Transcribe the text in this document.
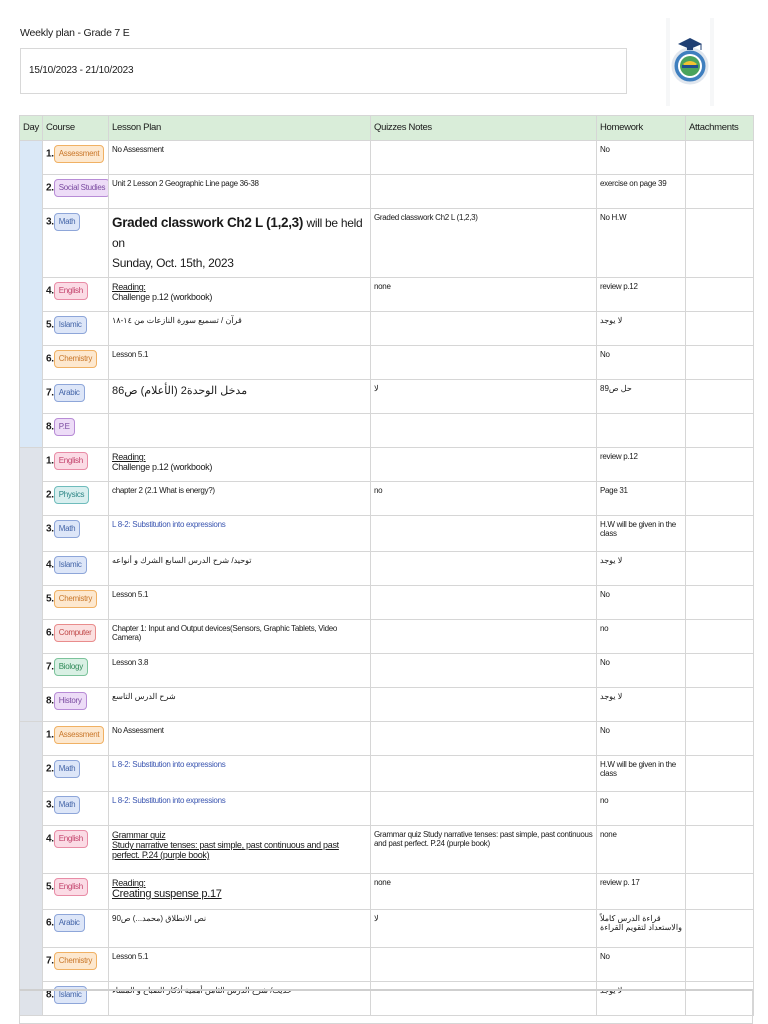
Weekly plan - Grade 7 E
15/10/2023 - 21/10/2023
Day	Course	Lesson Plan	Quizzes Notes	Homework	Attachments
	1. Assessment	No Assessment		No	
	2. Social Studies	Unit 2 Lesson 2 Geographic Line page 36-38		exercise on page 39	
	3. Math	Graded classwork Ch2 L (1,2,3) will be held on
Sunday, Oct. 15th, 2023	Graded classwork Ch2 L (1,2,3)	No H.W	
	4. English	Reading:
Challenge p.12 (workbook)	none	review p.12	
	5. Islamic	قرآن / تسميع سورة النازعات من ١٤-١٨		لا يوجد	
	6. Chemistry	Lesson 5.1		No	
	7. Arabic	مدخل الوحدة2 (الأعلام) ص86	لا	حل ص89	
	8. P.E				
	1. English	Reading:
Challenge p.12 (workbook)		review p.12	
	2. Physics	chapter 2 (2.1 What is energy?)	no	Page 31	
	3. Math	L 8-2: Substitution into expressions		H.W will be given in the class	
	4. Islamic	توحيد/ شرح الدرس السابع الشرك و أنواعه		لا يوجد	
	5. Chemistry	Lesson 5.1		No	
	6. Computer	Chapter 1: Input and Output devices(Sensors, Graphic Tablets, Video Camera)		no	
	7. Biology	Lesson 3.8		No	
	8. History	شرح الدرس التاسع		لا يوجد	
	1. Assessment	No Assessment		No	
	2. Math	L 8-2: Substitution into expressions		H.W will be given in the class	
	3. Math	L 8-2: Substitution into expressions		no	
	4. English	Grammar quiz
Study narrative tenses: past simple, past continuous and past perfect. P.24 (purple book)	Grammar quiz Study narrative tenses: past simple, past continuous and past perfect. P.24 (purple book)	none	
	5. English	Reading:
Creating suspense p.17	none	review p. 17	
	6. Arabic	نص الانطلاق (محمد...) ص90	لا	قراءة الدرس كاملاً والاستعداد لتقويم القراءة	
	7. Chemistry	Lesson 5.1		No	
	8. Islamic	حديث/ شرح الدرس الثامن أهمية أذكار الصباح و المساء		لا يوجد	
